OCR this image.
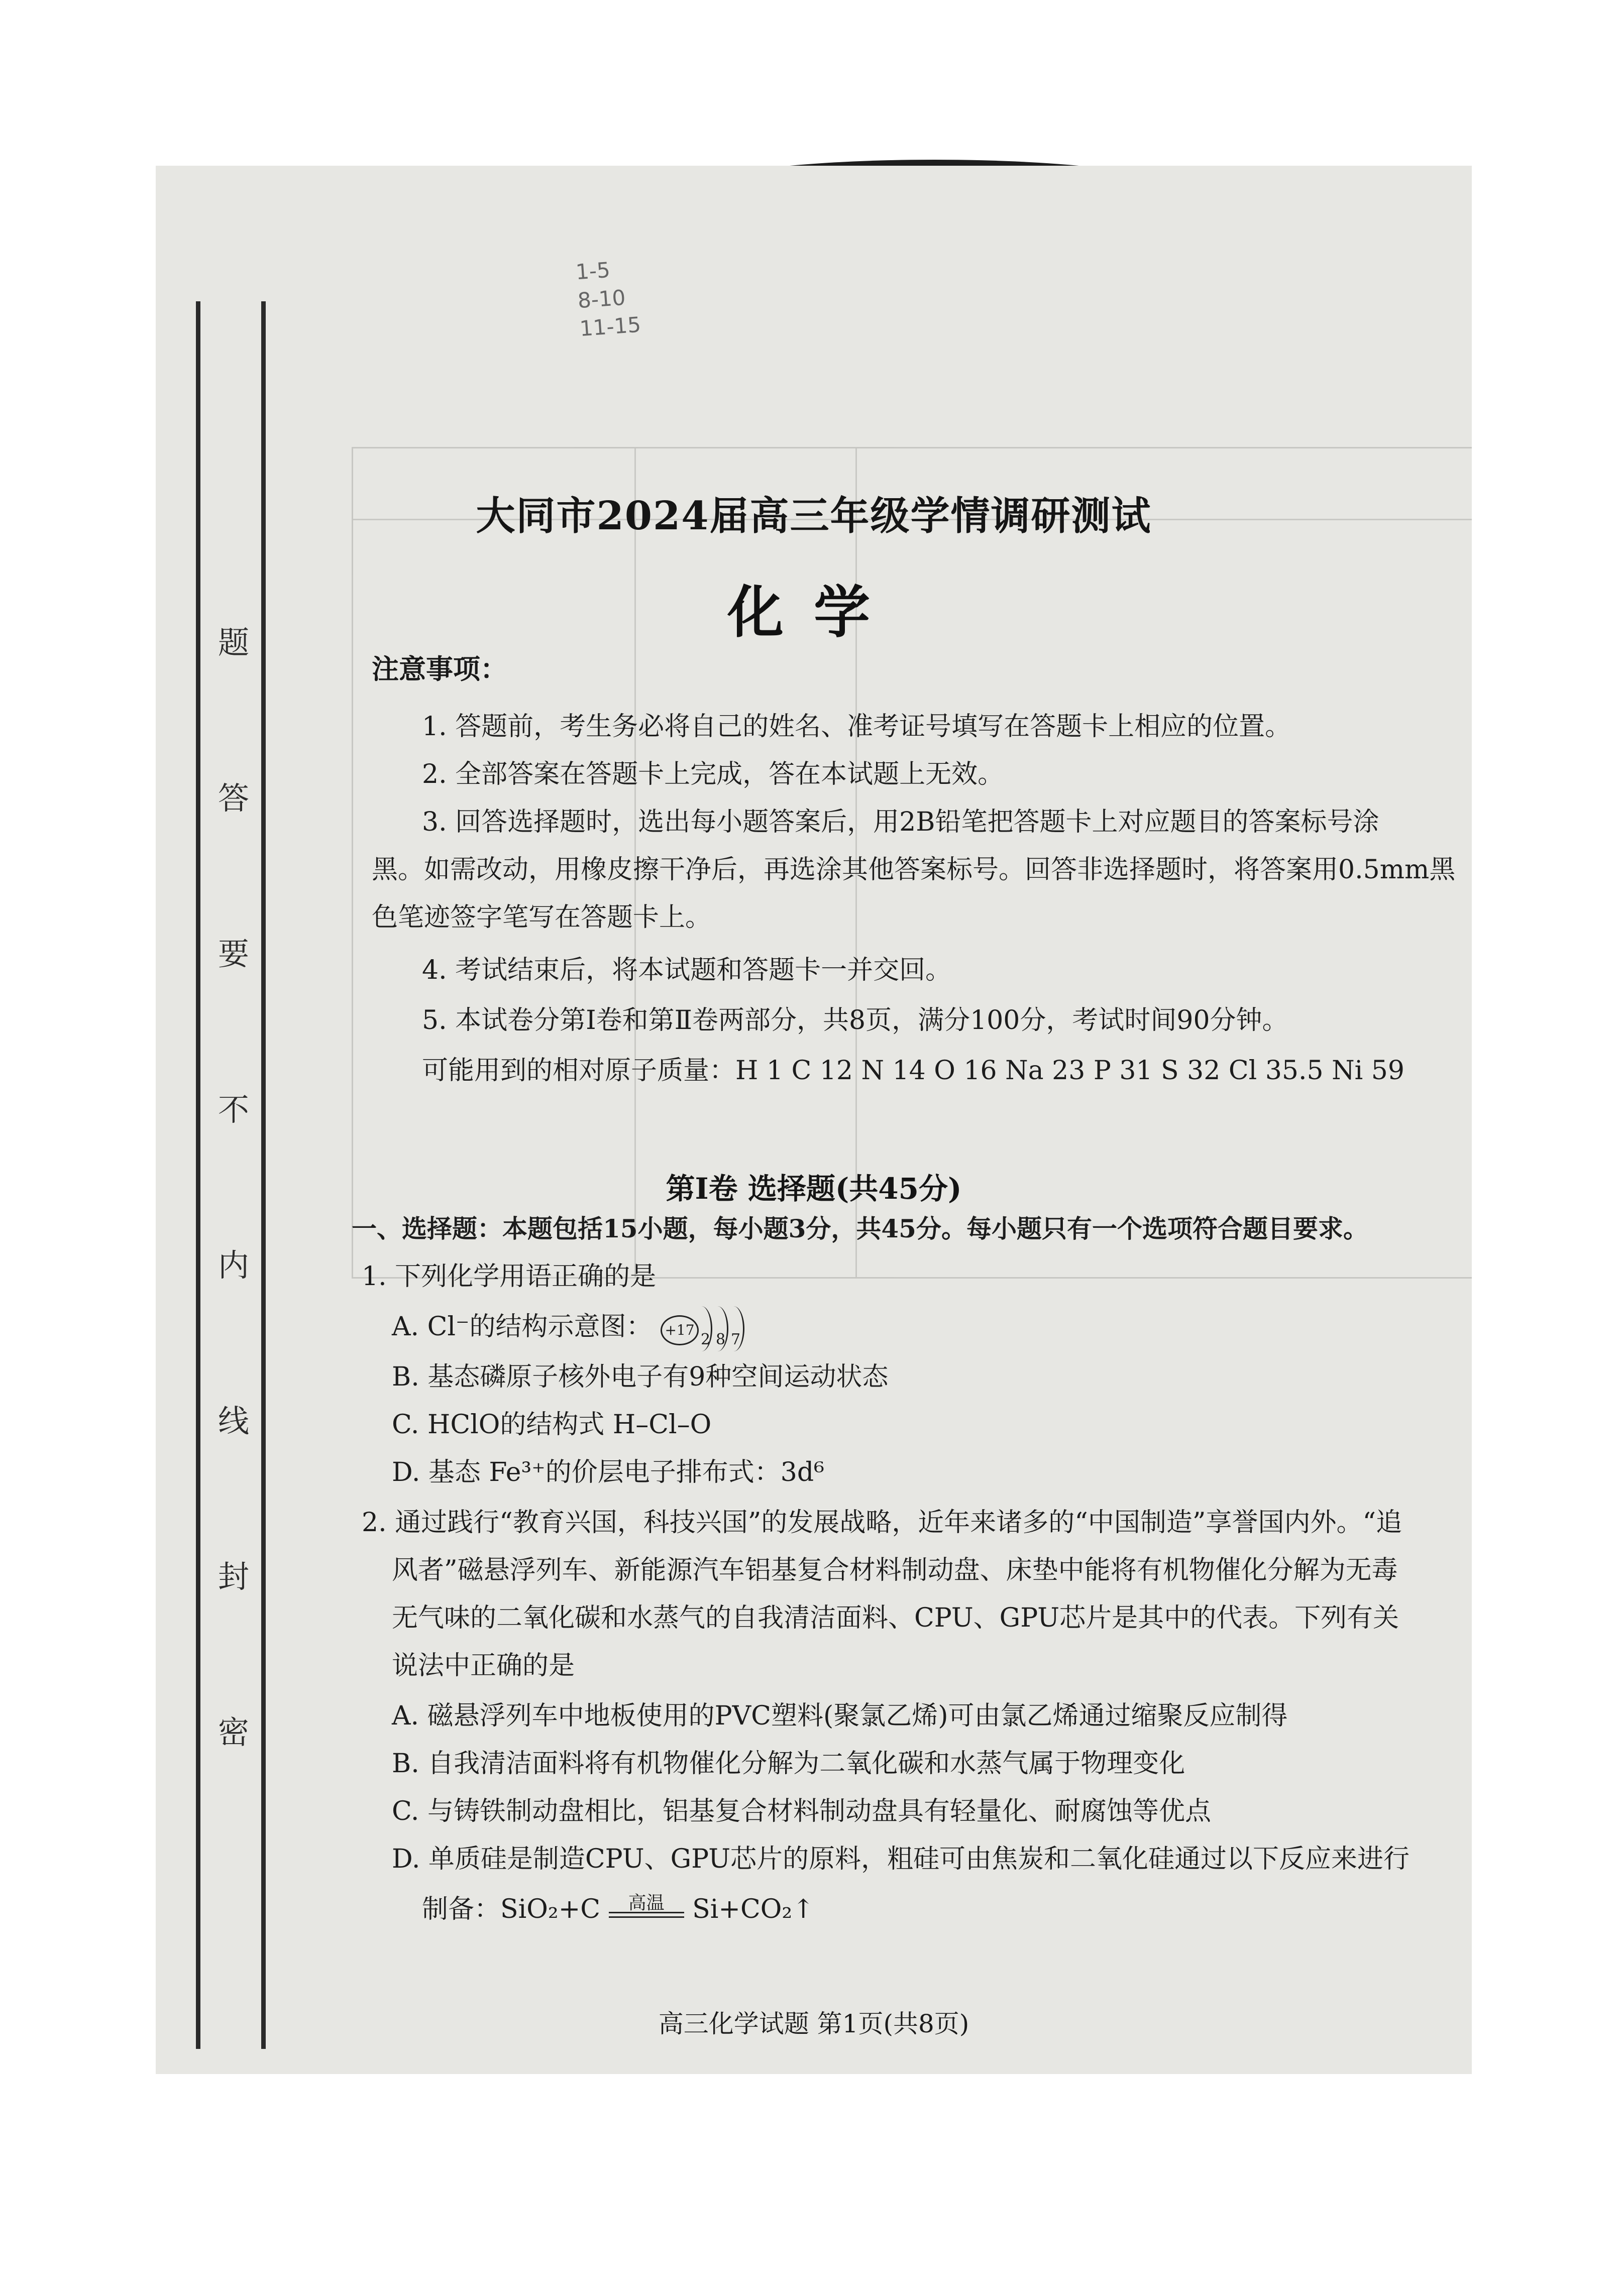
题
答
要
不
内
线
封
密
1-5
8-10
11-15
大同市2024届高三年级学情调研测试
化学
注意事项：
1. 答题前，考生务必将自己的姓名、准考证号填写在答题卡上相应的位置。
2. 全部答案在答题卡上完成，答在本试题上无效。
3. 回答选择题时，选出每小题答案后，用2B铅笔把答题卡上对应题目的答案标号涂
黑。如需改动，用橡皮擦干净后，再选涂其他答案标号。回答非选择题时，将答案用0.5mm黑
色笔迹签字笔写在答题卡上。
4. 考试结束后，将本试题和答题卡一并交回。
5. 本试卷分第Ⅰ卷和第Ⅱ卷两部分，共8页，满分100分，考试时间90分钟。
可能用到的相对原子质量：H 1 C 12 N 14 O 16 Na 23 P 31 S 32 Cl 35.5 Ni 59
第Ⅰ卷 选择题(共45分)
一、选择题：本题包括15小题，每小题3分，共45分。每小题只有一个选项符合题目要求。
1. 下列化学用语正确的是
A. Cl⁻的结构示意图： +17
2 8 7
B. 基态磷原子核外电子有9种空间运动状态
C. HClO的结构式 H–Cl–O
D. 基态 Fe³⁺的价层电子排布式：3d⁶
2. 通过践行“教育兴国，科技兴国”的发展战略，近年来诸多的“中国制造”享誉国内外。“追
风者”磁悬浮列车、新能源汽车铝基复合材料制动盘、床垫中能将有机物催化分解为无毒
无气味的二氧化碳和水蒸气的自我清洁面料、CPU、GPU芯片是其中的代表。下列有关
说法中正确的是
A. 磁悬浮列车中地板使用的PVC塑料(聚氯乙烯)可由氯乙烯通过缩聚反应制得
B. 自我清洁面料将有机物催化分解为二氧化碳和水蒸气属于物理变化
C. 与铸铁制动盘相比，铝基复合材料制动盘具有轻量化、耐腐蚀等优点
D. 单质硅是制造CPU、GPU芯片的原料，粗硅可由焦炭和二氧化硅通过以下反应来进行
制备：SiO₂+C	高温	Si+CO₂↑
高三化学试题 第1页(共8页)
